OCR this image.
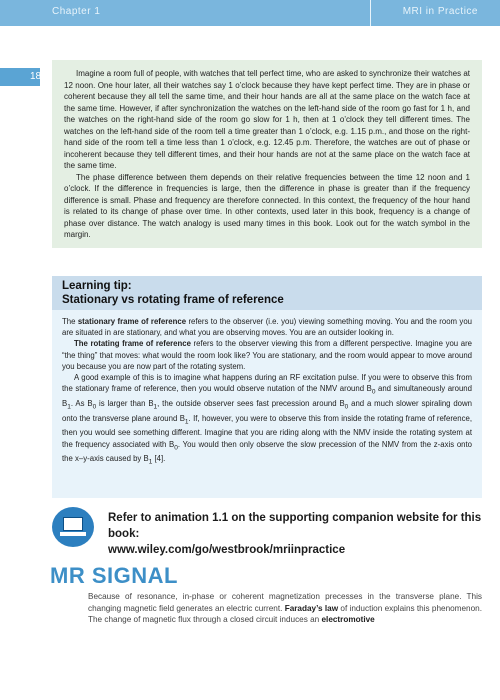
Chapter 1	MRI in Practice
18	Imagine a room full of people, with watches that tell perfect time, who are asked to synchronize their watches at 12 noon. One hour later, all their watches say 1 o’clock because they have kept perfect time. They are in phase or coherent because they all tell the same time, and their hour hands are all at the same place on the watch face at the same time. However, if after synchronization the watches on the left-hand side of the room go fast for 1 h, and the watches on the right-hand side of the room go slow for 1 h, then at 1 o’clock they tell different times. The watches on the left-hand side of the room tell a time greater than 1 o’clock, e.g. 1.15 p.m., and those on the right-hand side of the room tell a time less than 1 o’clock, e.g. 12.45 p.m. Therefore, the watches are out of phase or incoherent because they tell different times, and their hour hands are not at the same place on the watch face at the same time.

The phase difference between them depends on their relative frequencies between the time 12 noon and 1 o’clock. If the difference in frequencies is large, then the difference in phase is greater than if the frequency difference is small. Phase and frequency are therefore connected. In this context, the frequency of the hour hand is related to its change of phase over time. In other contexts, used later in this book, frequency is a change of phase over distance. The watch analogy is used many times in this book. Look out for the watch symbol in the margin.

Learning tip:
Stationary vs rotating frame of reference

The stationary frame of reference refers to the observer (i.e. you) viewing something moving. You and the room you are situated in are stationary, and what you are observing moves. You are an outsider looking in.

The rotating frame of reference refers to the observer viewing this from a different perspective. Imagine you are “the thing” that moves: what would the room look like? You are stationary, and the room would appear to move around you because you are now part of the rotating system.

A good example of this is to imagine what happens during an RF excitation pulse. If you were to observe this from the stationary frame of reference, then you would observe nutation of the NMV around $B_0$ and simultaneously around $B_1$. As $B_0$ is larger than $B_1$, the outside observer sees fast precession around $B_0$ and a much slower spiraling down onto the transverse plane around $B_1$. If, however, you were to observe this from inside the rotating frame of reference, then you would see something different. Imagine that you are riding along with the NMV inside the rotating system at the frequency associated with $B_0$. You would then only observe the slow precession of the NMV from the z-axis onto the x–y-axis caused by $B_1$ [4].

Refer to animation 1.1 on the supporting companion website for this book:
www.wiley.com/go/westbrook/mriinpractice
MR SIGNAL
Because of resonance, in-phase or coherent magnetization precesses in the transverse plane. This changing magnetic field generates an electric current. Faraday’s law of induction explains this phenomenon. The change of magnetic flux through a closed circuit induces an electromotive
